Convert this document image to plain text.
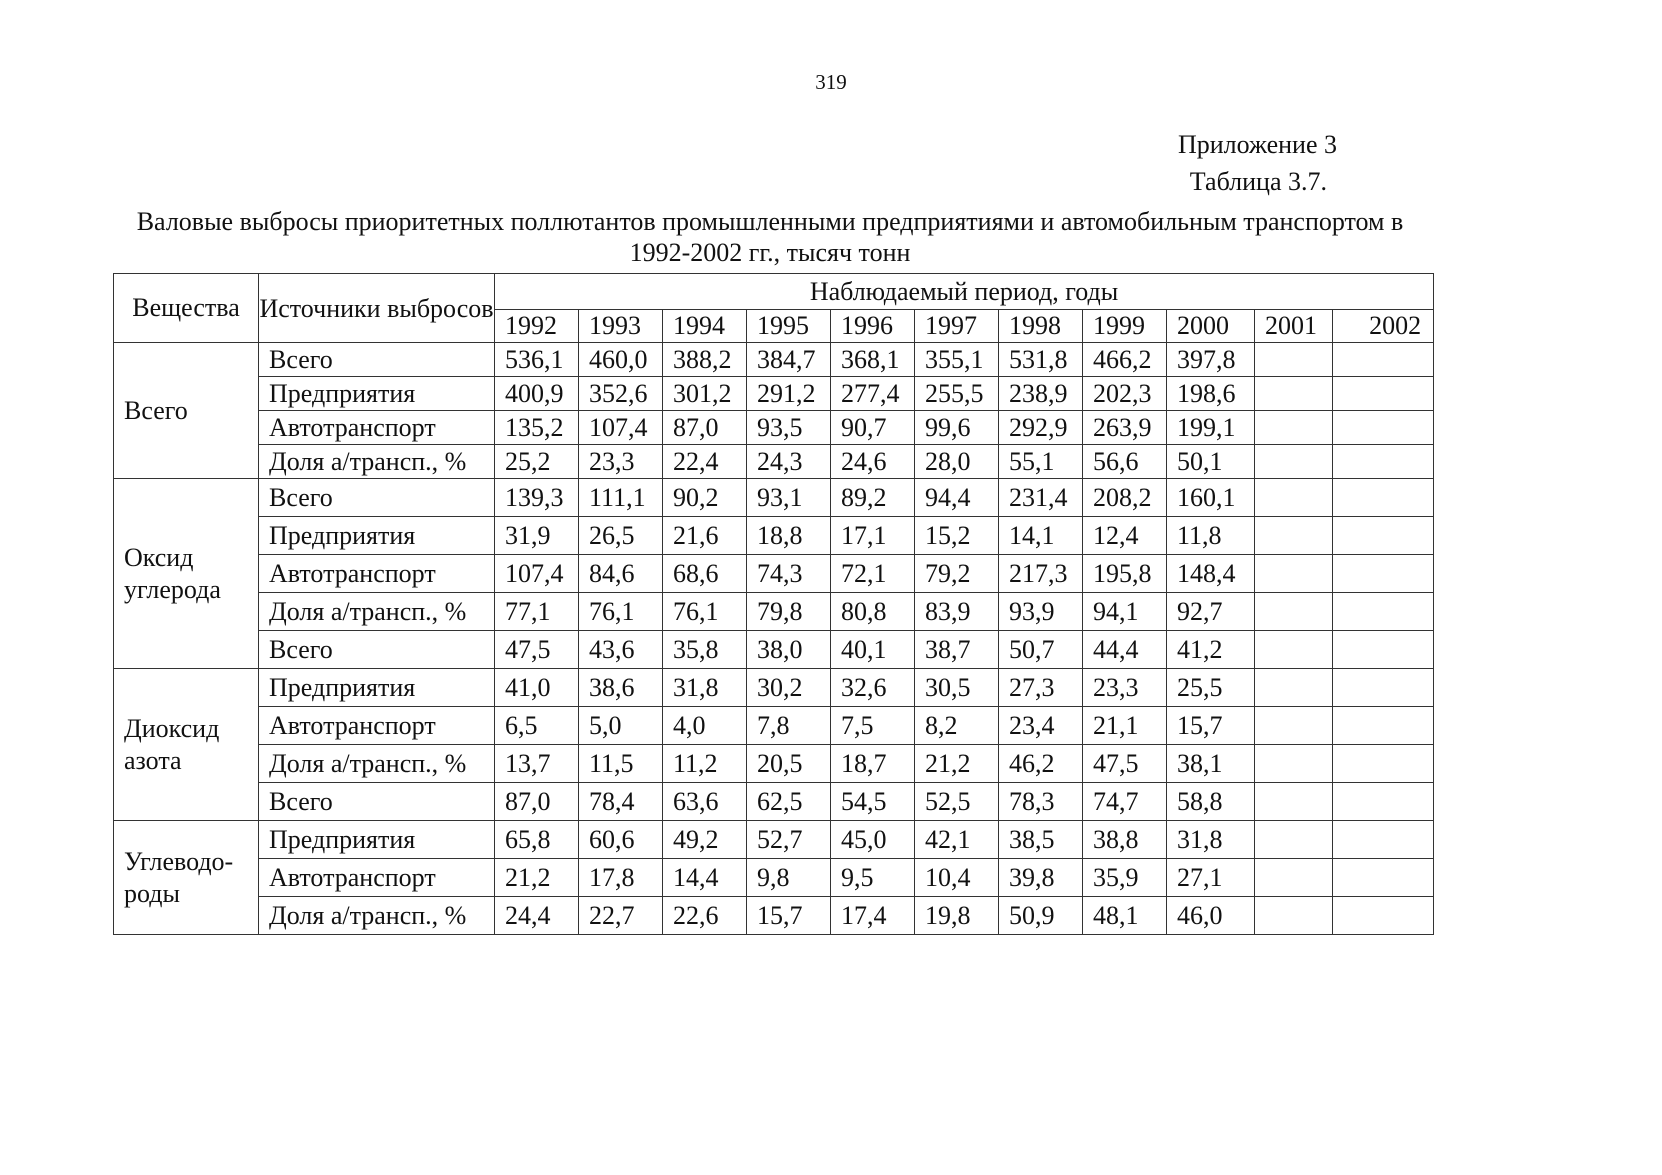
319
Приложение 3
Таблица 3.7.
Валовые выбросы приоритетных поллютантов промышленными предприятиями и автомобильным транспортом в 1992-2002 гг., тысяч тонн
Вещества	Источники выбросов	Наблюдаемый период, годы										
		1992	1993	1994	1995	1996	1997	1998	1999	2000	2001	2002
Всего	Всего	536,1	460,0	388,2	384,7	368,1	355,1	531,8	466,2	397,8		
	Предприятия	400,9	352,6	301,2	291,2	277,4	255,5	238,9	202,3	198,6		
	Автотранспорт	135,2	107,4	87,0	93,5	90,7	99,6	292,9	263,9	199,1		
	Доля а/трансп., %	25,2	23,3	22,4	24,3	24,6	28,0	55,1	56,6	50,1		
Оксид углерода	Всего	139,3	111,1	90,2	93,1	89,2	94,4	231,4	208,2	160,1		
	Предприятия	31,9	26,5	21,6	18,8	17,1	15,2	14,1	12,4	11,8		
	Автотранспорт	107,4	84,6	68,6	74,3	72,1	79,2	217,3	195,8	148,4		
	Доля а/трансп., %	77,1	76,1	76,1	79,8	80,8	83,9	93,9	94,1	92,7		
	Всего	47,5	43,6	35,8	38,0	40,1	38,7	50,7	44,4	41,2		
Диоксид азота	Предприятия	41,0	38,6	31,8	30,2	32,6	30,5	27,3	23,3	25,5		
	Автотранспорт	6,5	5,0	4,0	7,8	7,5	8,2	23,4	21,1	15,7		
	Доля а/трансп., %	13,7	11,5	11,2	20,5	18,7	21,2	46,2	47,5	38,1		
	Всего	87,0	78,4	63,6	62,5	54,5	52,5	78,3	74,7	58,8		
Углеводо-роды	Предприятия	65,8	60,6	49,2	52,7	45,0	42,1	38,5	38,8	31,8		
	Автотранспорт	21,2	17,8	14,4	9,8	9,5	10,4	39,8	35,9	27,1		
	Доля а/трансп., %	24,4	22,7	22,6	15,7	17,4	19,8	50,9	48,1	46,0		
